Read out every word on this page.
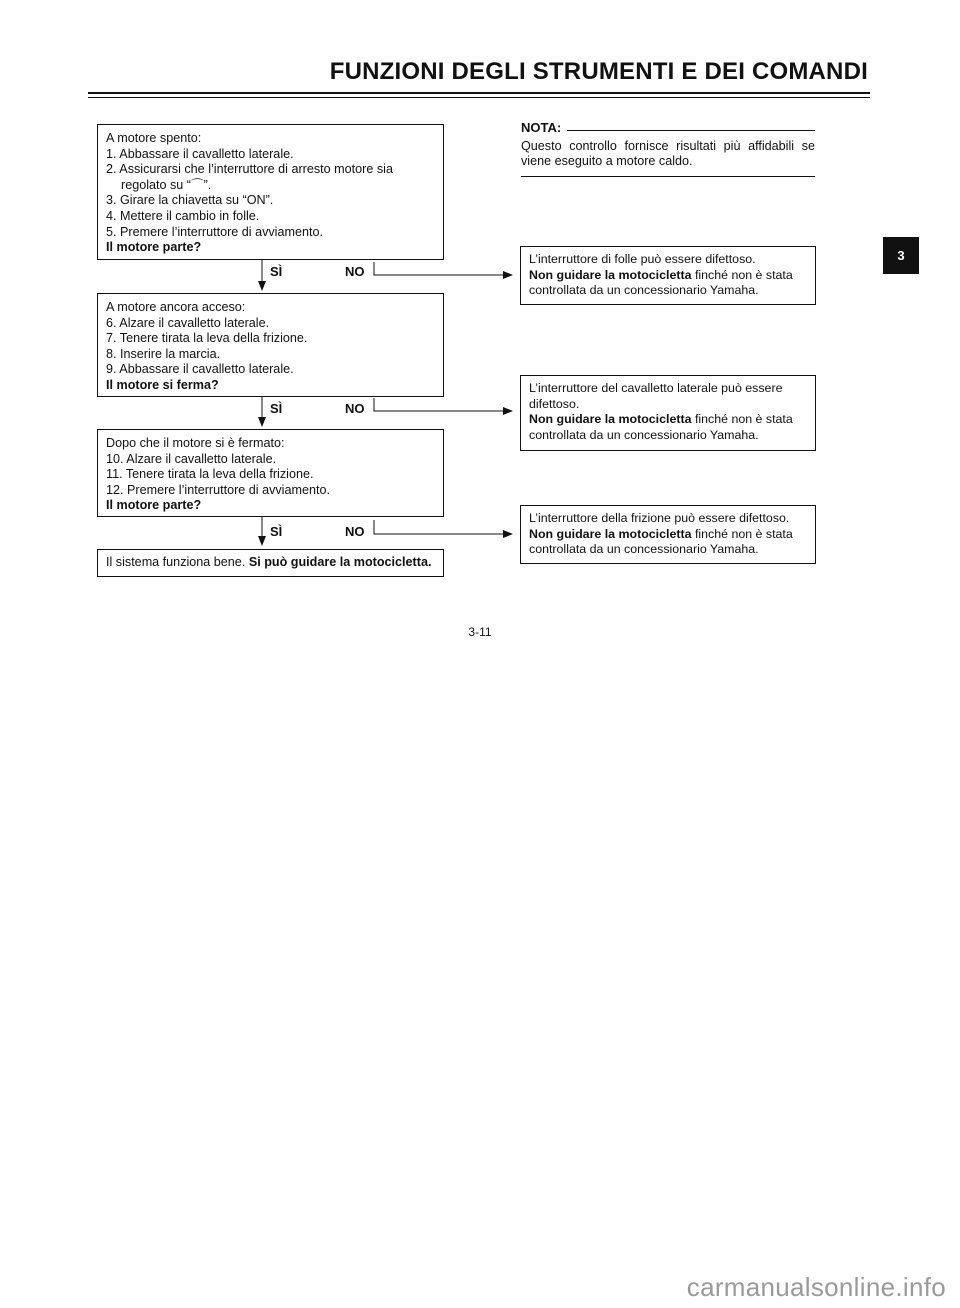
FUNZIONI DEGLI STRUMENTI E DEI COMANDI
3
A motore spento:
1. Abbassare il cavalletto laterale.
2. Assicurarsi che l’interruttore di arresto motore sia
regolato su “⌒”.
3. Girare la chiavetta su “ON”.
4. Mettere il cambio in folle.
5. Premere l’interruttore di avviamento.
Il motore parte?
SÌ	NO
A motore ancora acceso:
6. Alzare il cavalletto laterale.
7. Tenere tirata la leva della frizione.
8. Inserire la marcia.
9. Abbassare il cavalletto laterale.
Il motore si ferma?
SÌ	NO
Dopo che il motore si è fermato:
10. Alzare il cavalletto laterale.
11. Tenere tirata la leva della frizione.
12. Premere l’interruttore di avviamento.
Il motore parte?
SÌ	NO
Il sistema funziona bene. Si può guidare la motocicletta.
NOTA:
Questo controllo fornisce risultati più affidabili se viene eseguito a motore caldo.
L’interruttore di folle può essere difettoso.
Non guidare la motocicletta finché non è stata controllata da un concessionario Yamaha.
L’interruttore del cavalletto laterale può essere difettoso.
Non guidare la motocicletta finché non è stata controllata da un concessionario Yamaha.
L’interruttore della frizione può essere difettoso.
Non guidare la motocicletta finché non è stata controllata da un concessionario Yamaha.
3-11
carmanualsonline.info
